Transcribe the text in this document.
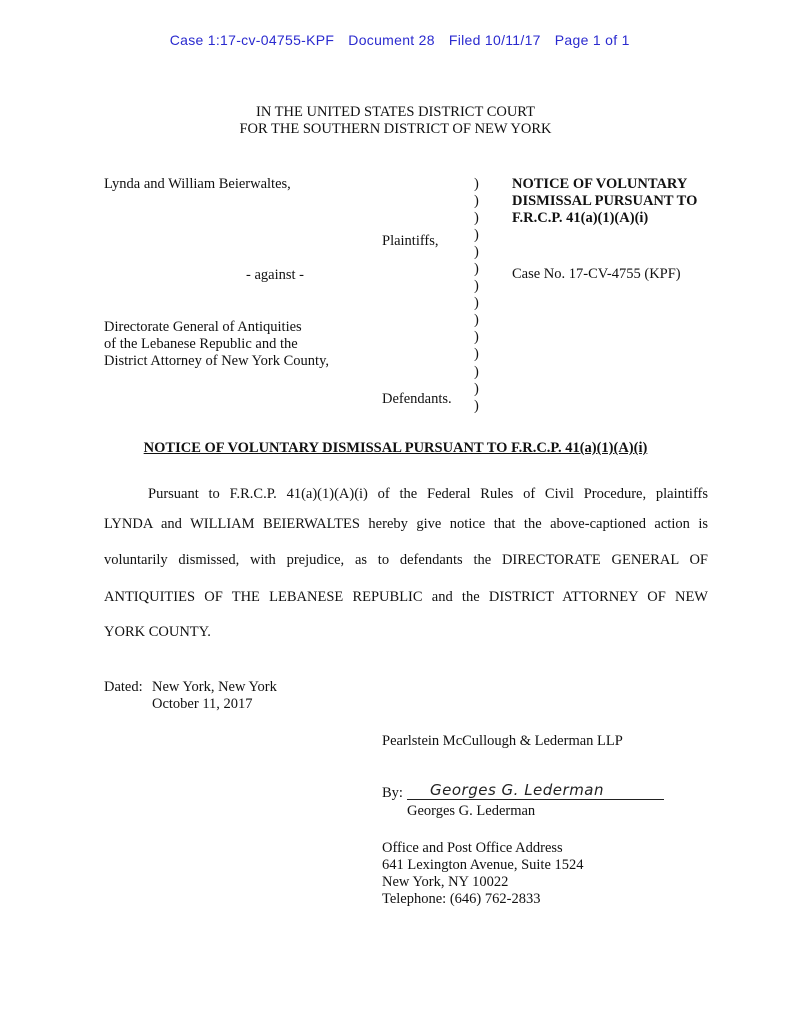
Case 1:17-cv-04755-KPF Document 28 Filed 10/11/17 Page 1 of 1

IN THE UNITED STATES DISTRICT COURT
FOR THE SOUTHERN DISTRICT OF NEW YORK
Lynda and William Beierwaltes,
Plaintiffs,
- against -
Directorate General of Antiquities
of the Lebanese Republic and the
District Attorney of New York County,
Defendants.
)
)
)
)
)
)
)
)
)
)
)
)
)
)
NOTICE OF VOLUNTARY
DISMISSAL PURSUANT TO
F.R.C.P. 41(a)(1)(A)(i)
Case No. 17-CV-4755 (KPF)
NOTICE OF VOLUNTARY DISMISSAL PURSUANT TO F.R.C.P. 41(a)(1)(A)(i)
Pursuant to F.R.C.P. 41(a)(1)(A)(i) of the Federal Rules of Civil Procedure, plaintiffs
LYNDA and WILLIAM BEIERWALTES hereby give notice that the above-captioned action is
voluntarily dismissed, with prejudice, as to defendants the DIRECTORATE GENERAL OF
ANTIQUITIES OF THE LEBANESE REPUBLIC and the DISTRICT ATTORNEY OF NEW
YORK COUNTY.
Dated: New York, New York
October 11, 2017
Pearlstein McCullough & Lederman LLP
By: Georges G. Lederman
Georges G. Lederman
Office and Post Office Address
641 Lexington Avenue, Suite 1524
New York, NY 10022
Telephone: (646) 762-2833
